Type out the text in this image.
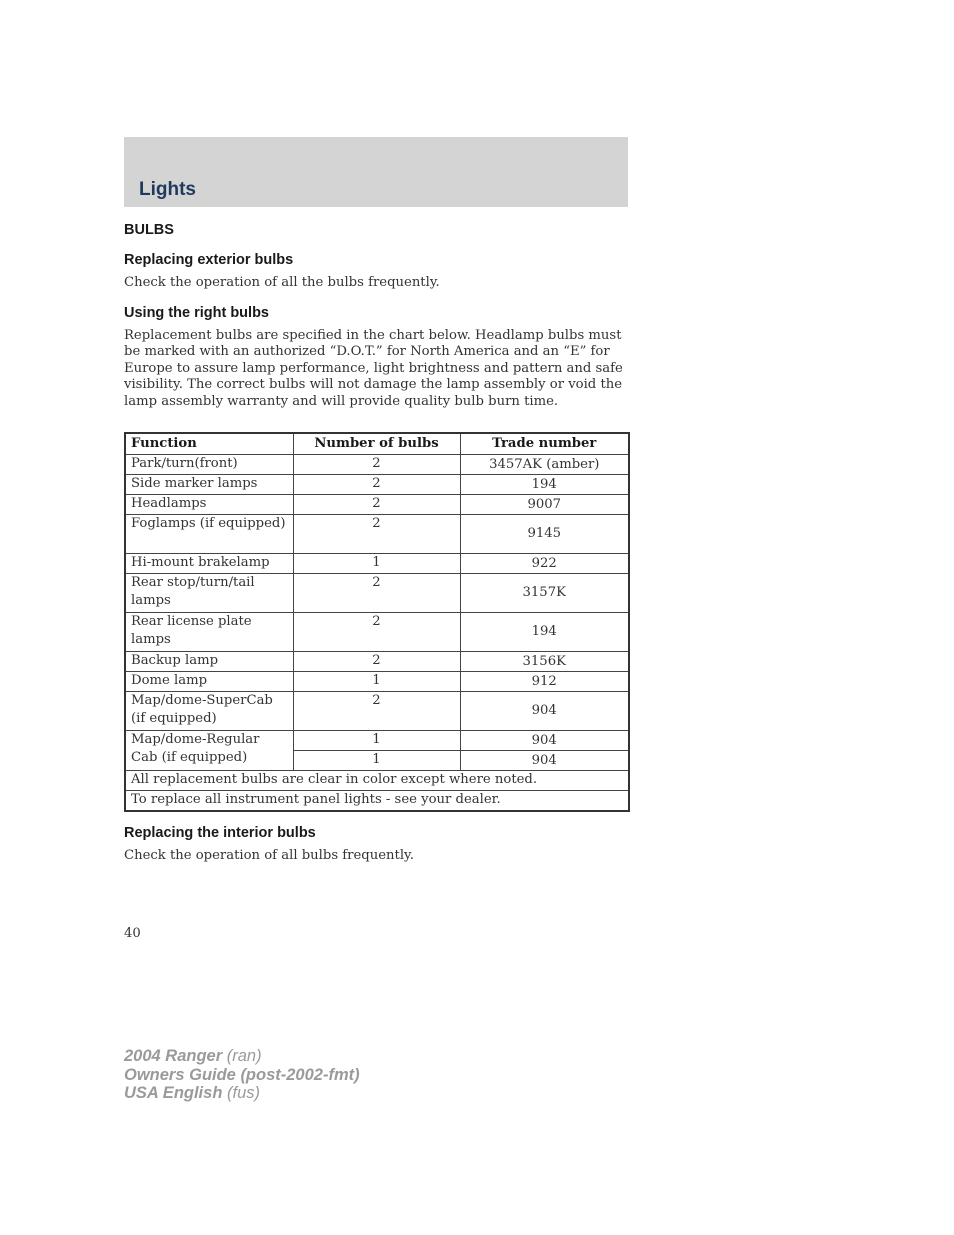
Lights
BULBS
Replacing exterior bulbs
Check the operation of all the bulbs frequently.
Using the right bulbs
Replacement bulbs are specified in the chart below. Headlamp bulbs must be marked with an authorized “D.O.T.” for North America and an “E” for Europe to assure lamp performance, light brightness and pattern and safe visibility. The correct bulbs will not damage the lamp assembly or void the lamp assembly warranty and will provide quality bulb burn time.
Function	Number of bulbs	Trade number
Park/turn(front)	2	3457AK (amber)
Side marker lamps	2	194
Headlamps	2	9007
Foglamps (if equipped)	2	9145
Hi-mount brakelamp	1	922
Rear stop/turn/tail lamps	2	3157K
Rear license plate lamps	2	194
Backup lamp	2	3156K
Dome lamp	1	912
Map/dome-SuperCab (if equipped)	2	904
Map/dome-Regular Cab (if equipped)	1	904
	1	904
All replacement bulbs are clear in color except where noted.		
To replace all instrument panel lights - see your dealer.		
Replacing the interior bulbs
Check the operation of all bulbs frequently.
40
2004 Ranger (ran)
Owners Guide (post-2002-fmt)
USA English (fus)
